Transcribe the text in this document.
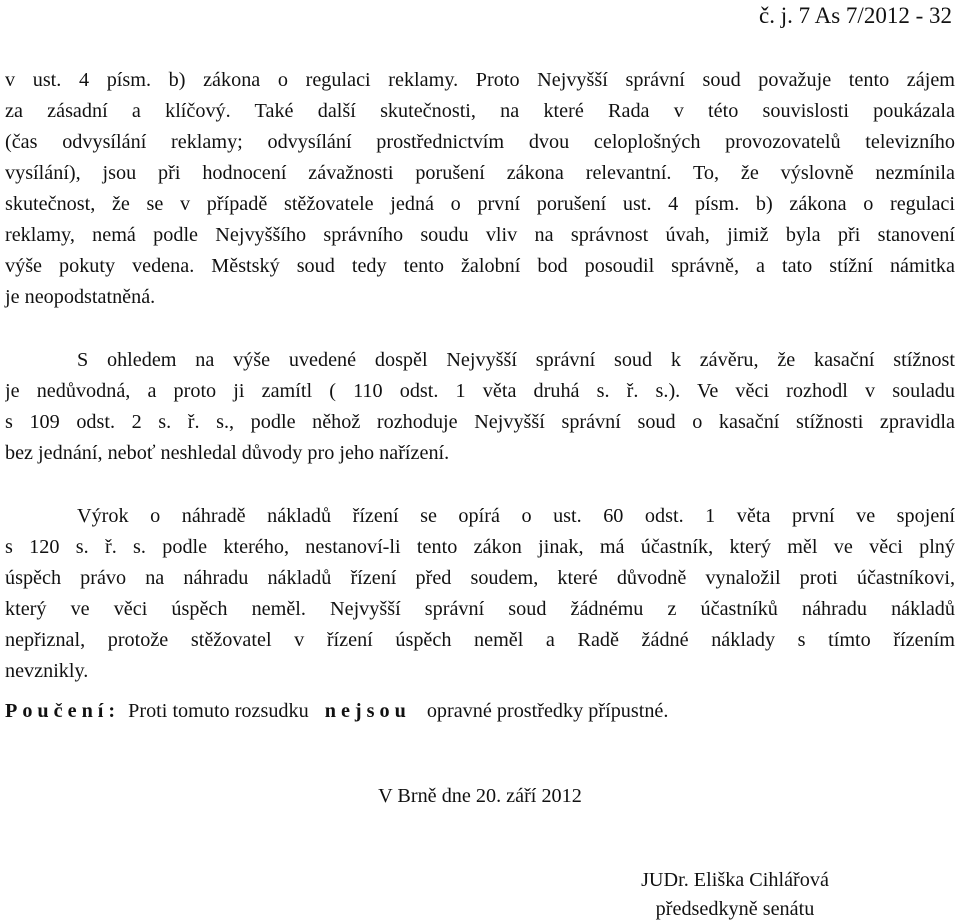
č. j. 7 As 7/2012 - 32
v ust. 4 písm. b) zákona o regulaci reklamy. Proto Nejvyšší správní soud považuje tento zájem
za zásadní a klíčový. Také další skutečnosti, na které Rada v této souvislosti poukázala
(čas odvysílání reklamy; odvysílání prostřednictvím dvou celoplošných provozovatelů televizního
vysílání), jsou při hodnocení závažnosti porušení zákona relevantní. To, že výslovně nezmínila
skutečnost, že se v případě stěžovatele jedná o první porušení ust. 4 písm. b) zákona o regulaci
reklamy, nemá podle Nejvyššího správního soudu vliv na správnost úvah, jimiž byla při stanovení
výše pokuty vedena. Městský soud tedy tento žalobní bod posoudil správně, a tato stížní námitka
je neopodstatněná.
S ohledem na výše uvedené dospěl Nejvyšší správní soud k závěru, že kasační stížnost
je nedůvodná, a proto ji zamítl ( 110 odst. 1 věta druhá s. ř. s.). Ve věci rozhodl v souladu
s 109 odst. 2 s. ř. s., podle něhož rozhoduje Nejvyšší správní soud o kasační stížnosti zpravidla
bez jednání, neboť neshledal důvody pro jeho nařízení.
Výrok o náhradě nákladů řízení se opírá o ust. 60 odst. 1 věta první ve spojení
s 120 s. ř. s. podle kterého, nestanoví-li tento zákon jinak, má účastník, který měl ve věci plný
úspěch právo na náhradu nákladů řízení před soudem, které důvodně vynaložil proti účastníkovi,
který ve věci úspěch neměl. Nejvyšší správní soud žádnému z účastníků náhradu nákladů
nepřiznal, protože stěžovatel v řízení úspěch neměl a Radě žádné náklady s tímto řízením
nevznikly.
Poučení: Proti tomuto rozsudku nejsou opravné prostředky přípustné.
V Brně dne 20. září 2012
JUDr. Eliška Cihlářová
předsedkyně senátu
